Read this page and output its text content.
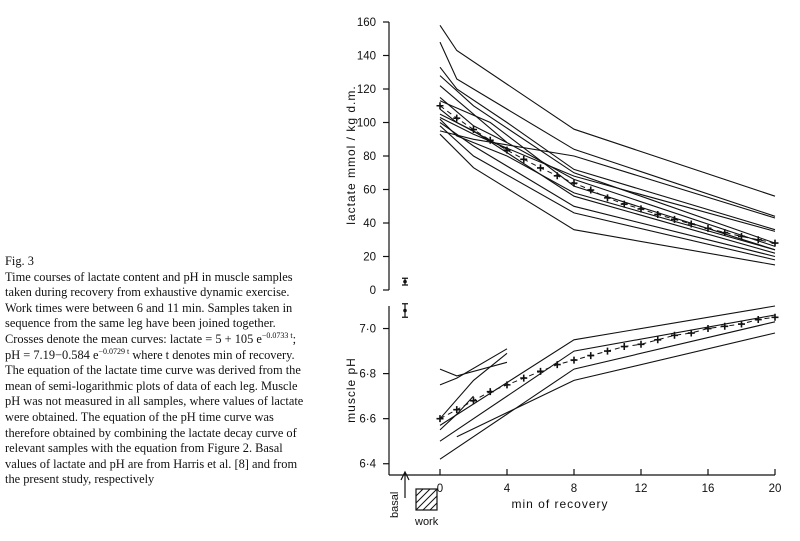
Fig. 3
Time courses of lactate content and pH in muscle samples taken during recovery from exhaustive dynamic exercise. Work times were between 6 and 11 min. Samples taken in sequence from the same leg have been joined together. Crosses denote the mean curves: lactate = 5 + 105 $e^{-0.0733 t}$; pH = 7.19−0.584 $e^{-0.0729 t}$ where t denotes min of recovery. The equation of the lactate time curve was derived from the mean of semi-logarithmic plots of data of each leg. Muscle pH was not measured in all samples, where values of lactate were obtained. The equation of the pH time curve was therefore obtained by combining the lactate decay curve of relevant samples with the equation from Figure 2. Basal values of lactate and pH are from Harris et al. [8] and from the present study, respectively
lactate mmol / kg d.m.
0
20
40
60
80
100
120
140
160
muscle pH
min of recovery
6·4
6·6
6·8
7·0
0	4	8	12	16	20
basal
work
